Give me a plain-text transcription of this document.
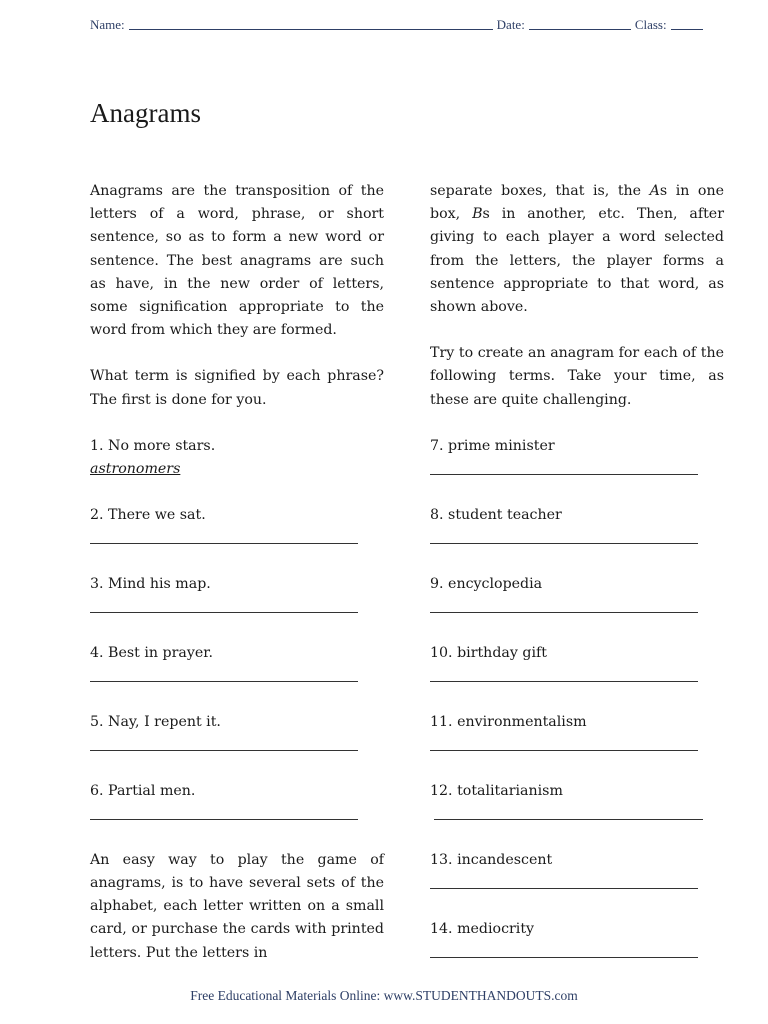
Name:	Date:	Class:
Anagrams

Anagrams are the transposition of the letters of a word, phrase, or short sentence, so as to form a new word or sentence. The best anagrams are such as have, in the new order of letters, some signification appropriate to the word from which they are formed.

What term is signified by each phrase? The first is done for you.

1. No more stars.

astronomers

2. There we sat.

3. Mind his map.

4. Best in prayer.

5. Nay, I repent it.

6. Partial men.

An easy way to play the game of anagrams, is to have several sets of the alphabet, each letter written on a small card, or purchase the cards with printed letters. Put the letters in

separate boxes, that is, the As in one box, Bs in another, etc. Then, after giving to each player a word selected from the letters, the player forms a sentence appropriate to that word, as shown above.

Try to create an anagram for each of the following terms. Take your time, as these are quite challenging.

7. prime minister

8. student teacher

9. encyclopedia

10. birthday gift

11. environmentalism

12. totalitarianism

13. incandescent

14. mediocrity

Free Educational Materials Online: www.STUDENTHANDOUTS.com
